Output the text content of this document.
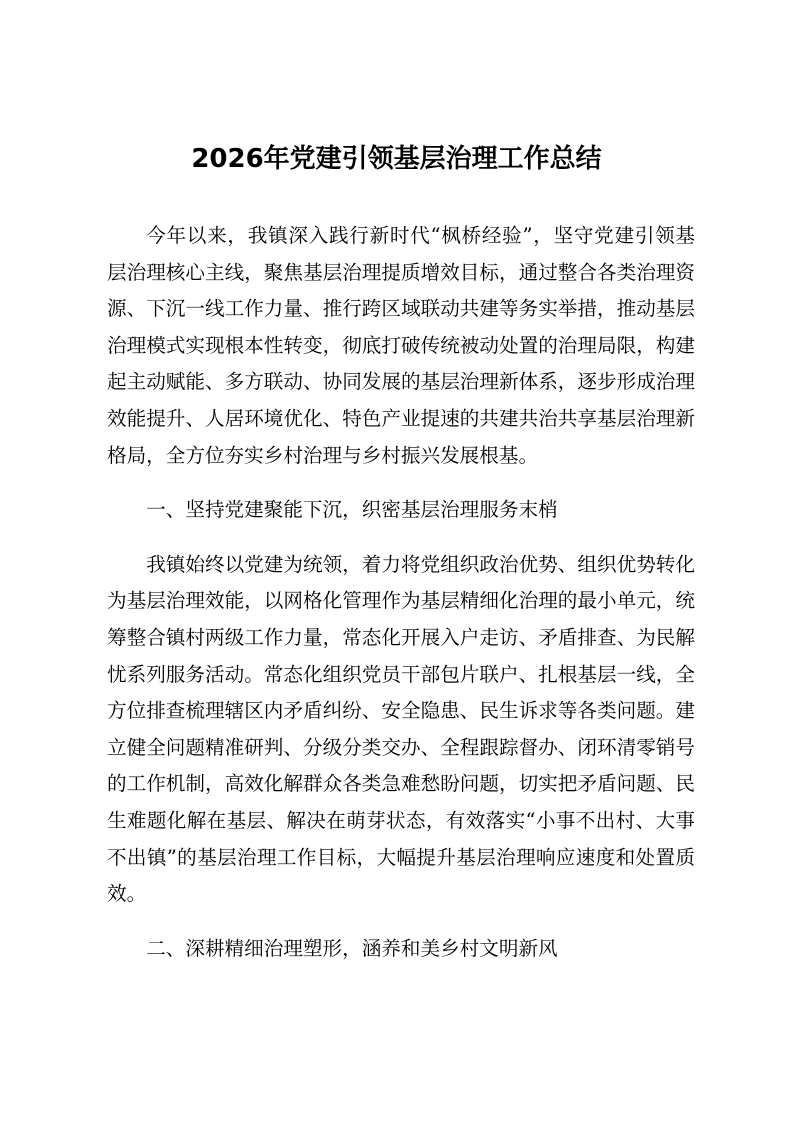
2026年党建引领基层治理工作总结

今年以来，我镇深入践行新时代“枫桥经验”，坚守党建引领基层治理核心主线，聚焦基层治理提质增效目标，通过整合各类治理资源、下沉一线工作力量、推行跨区域联动共建等务实举措，推动基层治理模式实现根本性转变，彻底打破传统被动处置的治理局限，构建起主动赋能、多方联动、协同发展的基层治理新体系，逐步形成治理效能提升、人居环境优化、特色产业提速的共建共治共享基层治理新格局，全方位夯实乡村治理与乡村振兴发展根基。

一、坚持党建聚能下沉，织密基层治理服务末梢

我镇始终以党建为统领，着力将党组织政治优势、组织优势转化为基层治理效能，以网格化管理作为基层精细化治理的最小单元，统筹整合镇村两级工作力量，常态化开展入户走访、矛盾排查、为民解忧系列服务活动。常态化组织党员干部包片联户、扎根基层一线，全方位排查梳理辖区内矛盾纠纷、安全隐患、民生诉求等各类问题。建立健全问题精准研判、分级分类交办、全程跟踪督办、闭环清零销号的工作机制，高效化解群众各类急难愁盼问题，切实把矛盾问题、民生难题化解在基层、解决在萌芽状态，有效落实“小事不出村、大事不出镇”的基层治理工作目标，大幅提升基层治理响应速度和处置质效。

二、深耕精细治理塑形，涵养和美乡村文明新风
